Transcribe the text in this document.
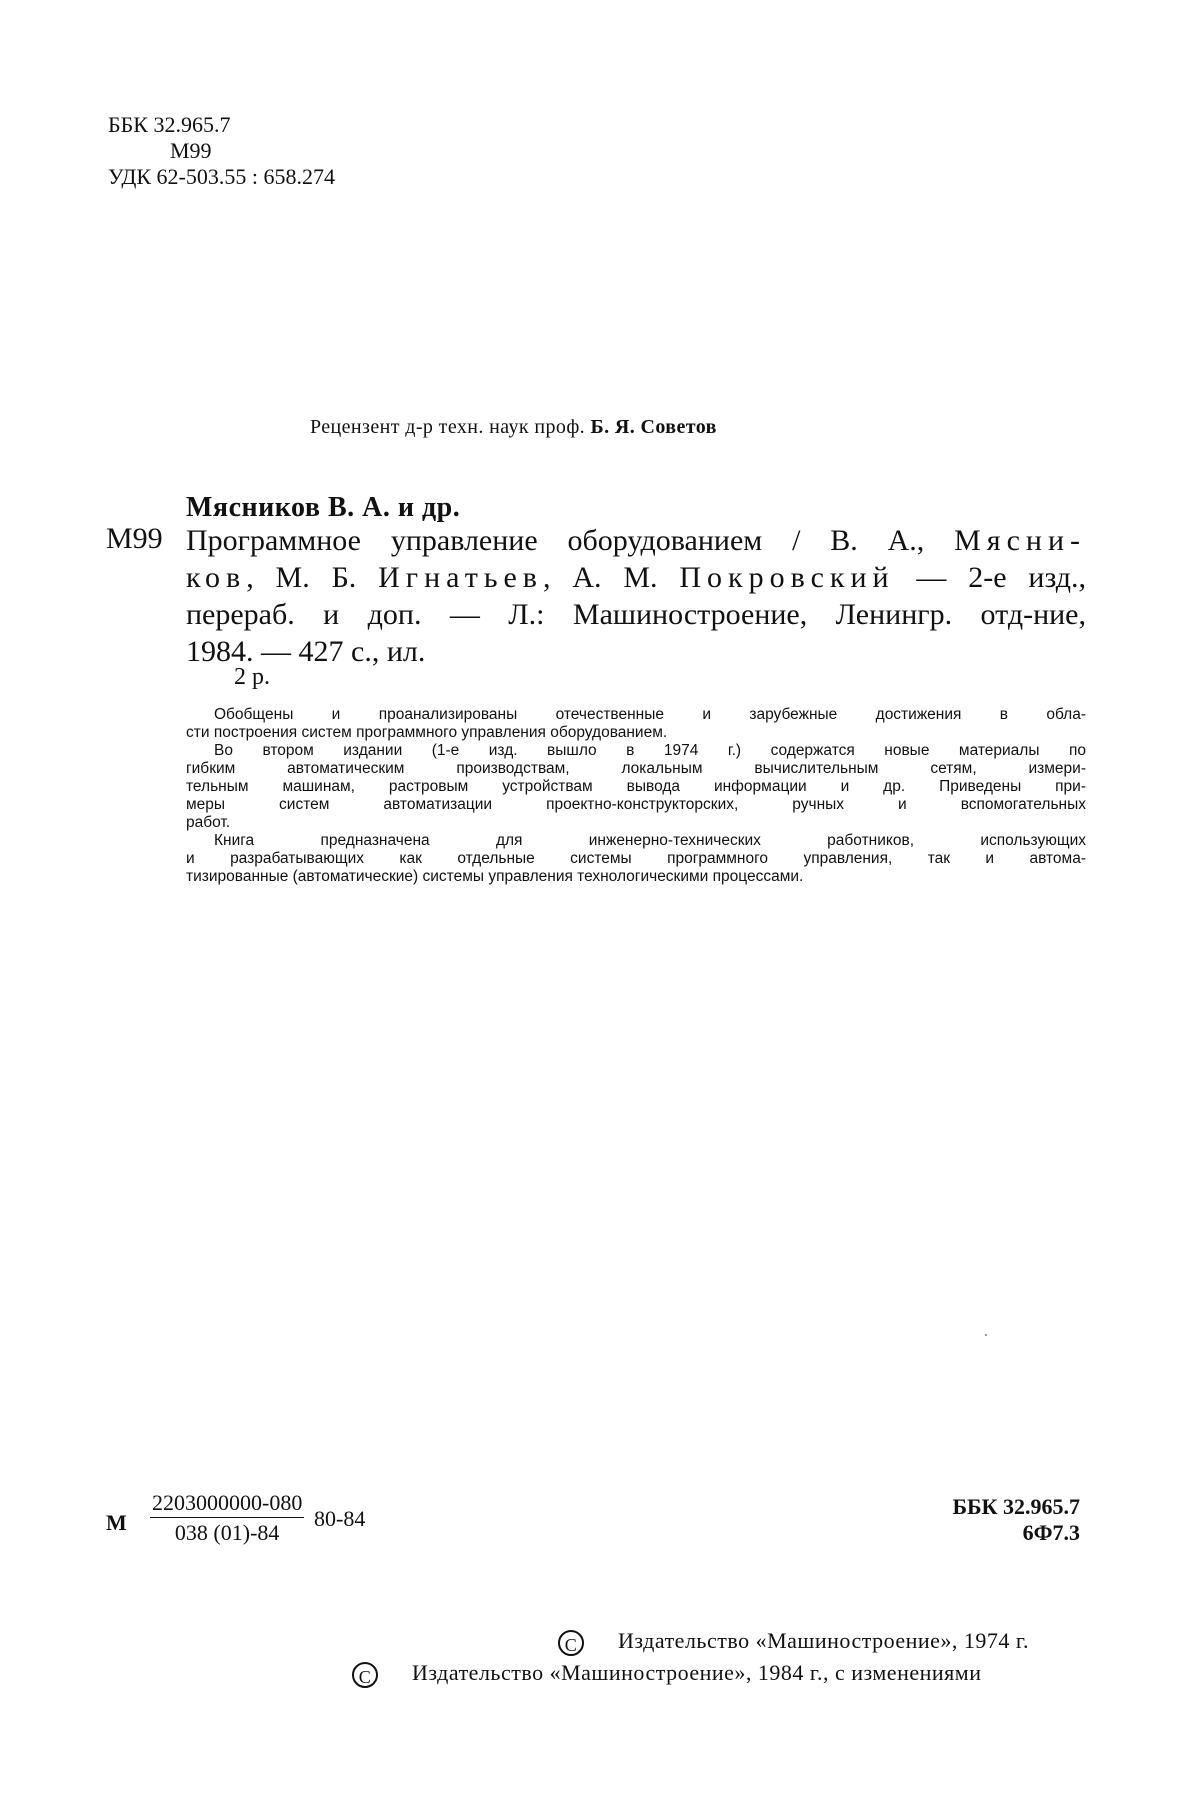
ББК 32.965.7
М99
УДК 62-503.55 : 658.274
Рецензент д-р техн. наук проф. Б. Я. Советов
Мясников В. А. и др.
М99 Программное управление оборудованием / В. А., Мясни-
ков, М. Б. Игнатьев, А. М. Покровский — 2-е изд.,
перераб. и доп. — Л.: Машиностроение, Ленингр. отд-ние,
1984. — 427 с., ил.
2 р.

Обобщены и проанализированы отечественные и зарубежные достижения в обла-
сти построения систем программного управления оборудованием.

Во втором издании (1-е изд. вышло в 1974 г.) содержатся новые материалы по
гибким автоматическим производствам, локальным вычислительным сетям, измери-
тельным машинам, растровым устройствам вывода информации и др. Приведены при-
меры систем автоматизации проектно-конструкторских, ручных и вспомогательных
работ.

Книга предназначена для инженерно-технических работников, использующих
и разрабатывающих как отдельные системы программного управления, так и автома-
тизированные (автоматические) системы управления технологическими процессами.

М $\frac{2203000000-080}{038 (01)-84} 80-84$	ББК 32.965.7
6Ф7.3
С Издательство «Машиностроение», 1974 г.
С Издательство «Машиностроение», 1984 г., с изменениями
